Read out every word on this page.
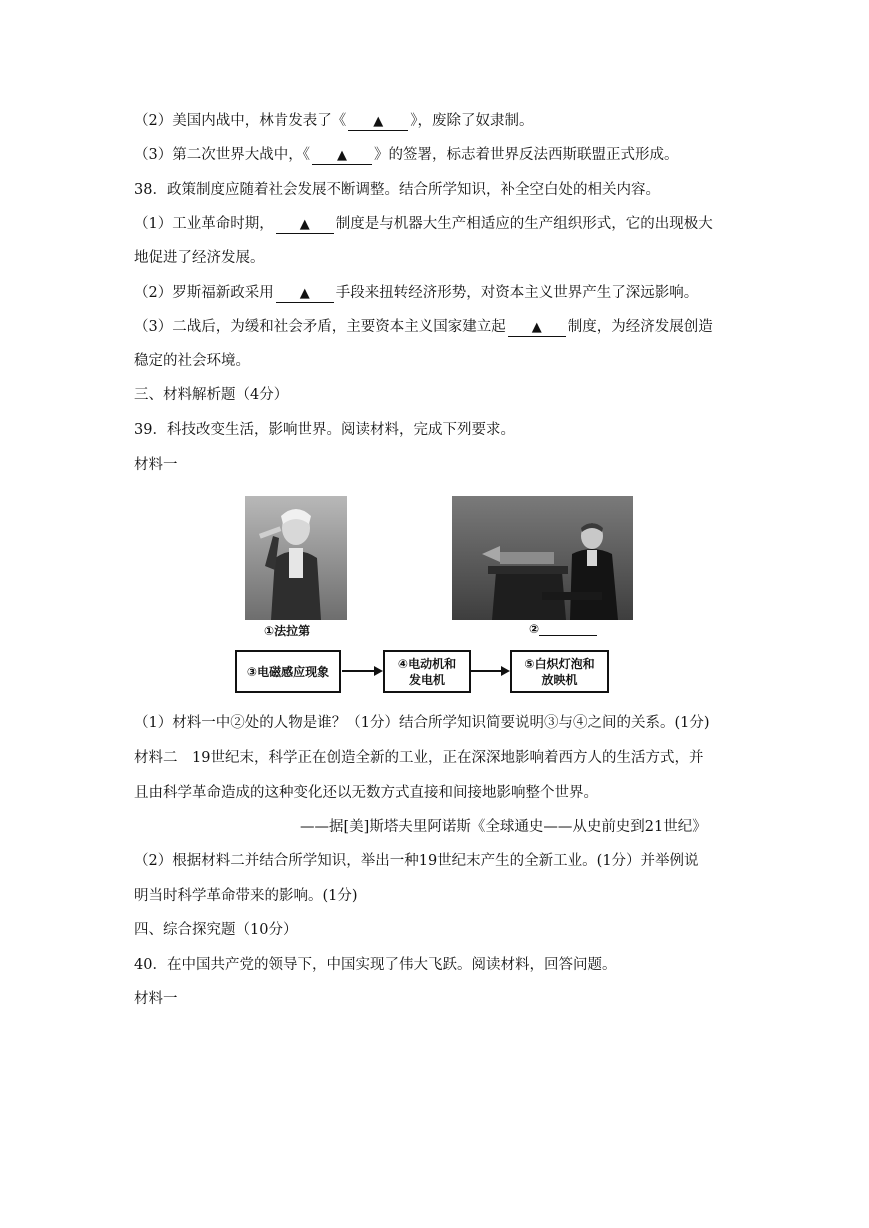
（2）美国内战中，林肯发表了《 ▲ 》，废除了奴隶制。
（3）第二次世界大战中，《 ▲ 》的签署，标志着世界反法西斯联盟正式形成。
38．政策制度应随着社会发展不断调整。结合所学知识，补全空白处的相关内容。
（1）工业革命时期， ▲ 制度是与机器大生产相适应的生产组织形式，它的出现极大
地促进了经济发展。
（2）罗斯福新政采用 ▲ 手段来扭转经济形势，对资本主义世界产生了深远影响。
（3）二战后，为缓和社会矛盾，主要资本主义国家建立起 ▲ 制度，为经济发展创造
稳定的社会环境。
三、材料解析题（4分）
39．科技改变生活，影响世界。阅读材料，完成下列要求。
材料一
①法拉第	②
③电磁感应现象
④电动机和
发电机
⑤白炽灯泡和
放映机
（1）材料一中②处的人物是谁？（1分）结合所学知识简要说明③与④之间的关系。(1分)
材料二　19世纪末，科学正在创造全新的工业，正在深深地影响着西方人的生活方式，并
且由科学革命造成的这种变化还以无数方式直接和间接地影响整个世界。
——据[美]斯塔夫里阿诺斯《全球通史——从史前史到21世纪》
（2）根据材料二并结合所学知识，举出一种19世纪末产生的全新工业。(1分）并举例说
明当时科学革命带来的影响。(1分)
四、综合探究题（10分）
40．在中国共产党的领导下，中国实现了伟大飞跃。阅读材料，回答问题。
材料一
